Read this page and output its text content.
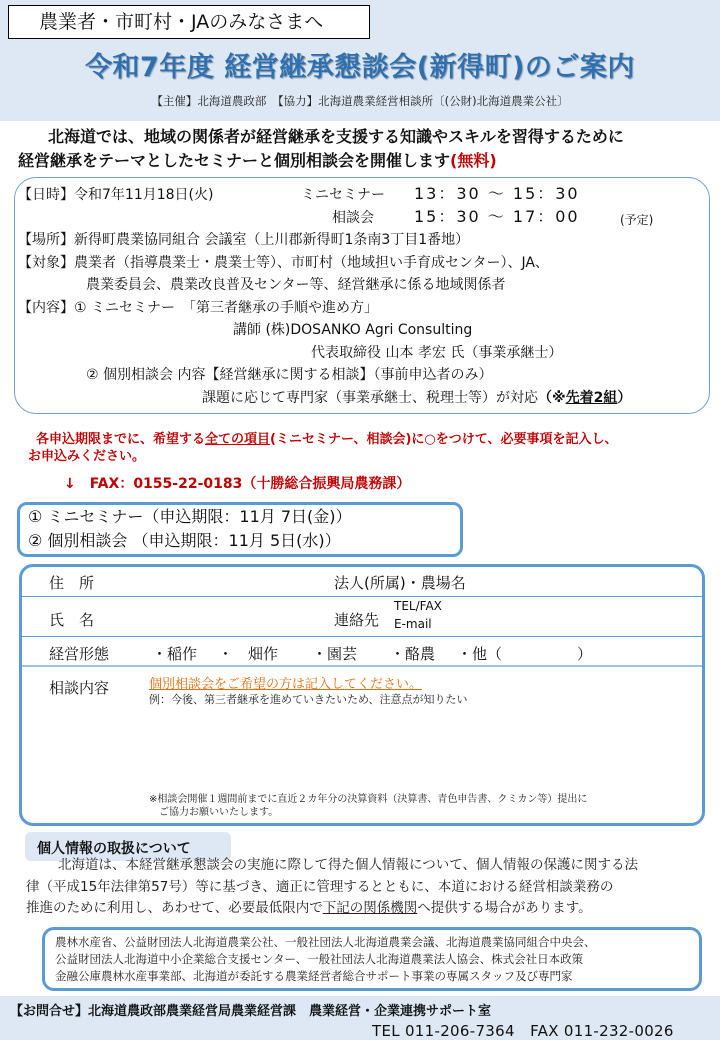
農業者・市町村・JAのみなさまへ
令和7年度 経営継承懇談会(新得町)のご案内
【主催】北海道農政部　【協力】北海道農業経営相談所〔(公財)北海道農業公社〕
北海道では、地域の関係者が経営継承を支援する知識やスキルを習得するために
経営継承をテーマとしたセミナーと個別相談会を開催します(無料)
【日時】令和7年11月18日(火)	ミニセミナー 13：30 ～ 15：30
相談会	15：30 ～ 17：00	(予定)
【場所】新得町農業協同組合 会議室（上川郡新得町1条南3丁目1番地）
【対象】農業者（指導農業士・農業士等）、市町村（地域担い手育成センター）、JA、
農業委員会、農業改良普及センター等、経営継承に係る地域関係者
【内容】① ミニセミナー　「第三者継承の手順や進め方」
講師 (株)DOSANKO Agri Consulting
代表取締役 山本 孝宏 氏（事業承継士）
② 個別相談会 内容【経営継承に関する相談】（事前申込者のみ）
課題に応じて専門家（事業承継士、税理士等）が対応（※先着2組）
各申込期限までに、希望する全ての項目(ミニセミナー、相談会)に○をつけて、必要事項を記入し、
お申込みください。
↓　FAX：0155-22-0183（十勝総合振興局農務課）
① ミニセミナー（申込期限：11月 7日(金)）
② 個別相談会 （申込期限：11月 5日(水)）
住　所	法人(所属)・農場名
氏　名	連絡先
TEL/FAX
E-mail
経営形態	・稲作 ・　畑作 ・園芸 ・酪農 ・他（　　　　　）
相談内容	個別相談会をご希望の方は記入してください。
例：今後、第三者継承を進めていきたいため、注意点が知りたい
※相談会開催１週間前までに直近２カ年分の決算資料（決算書、青色申告書、クミカン等）提出に
ご協力お願いいたします。
個人情報の取扱について
北海道は、本経営継承懇談会の実施に際して得た個人情報について、個人情報の保護に関する法
律（平成15年法律第57号）等に基づき、適正に管理するとともに、本道における経営相談業務の
推進のために利用し、あわせて、必要最低限内で下記の関係機関へ提供する場合があります。
農林水産省、公益財団法人北海道農業公社、一般社団法人北海道農業会議、北海道農業協同組合中央会、
公益財団法人北海道中小企業総合支援センター、一般社団法人北海道農業法人協会、株式会社日本政策
金融公庫農林水産事業部、北海道が委託する農業経営者総合サポート事業の専属スタッフ及び専門家
【お問合せ】北海道農政部農業経営局農業経営課　農業経営・企業連携サポート室
TEL 011-206-7364　FAX 011-232-0026
